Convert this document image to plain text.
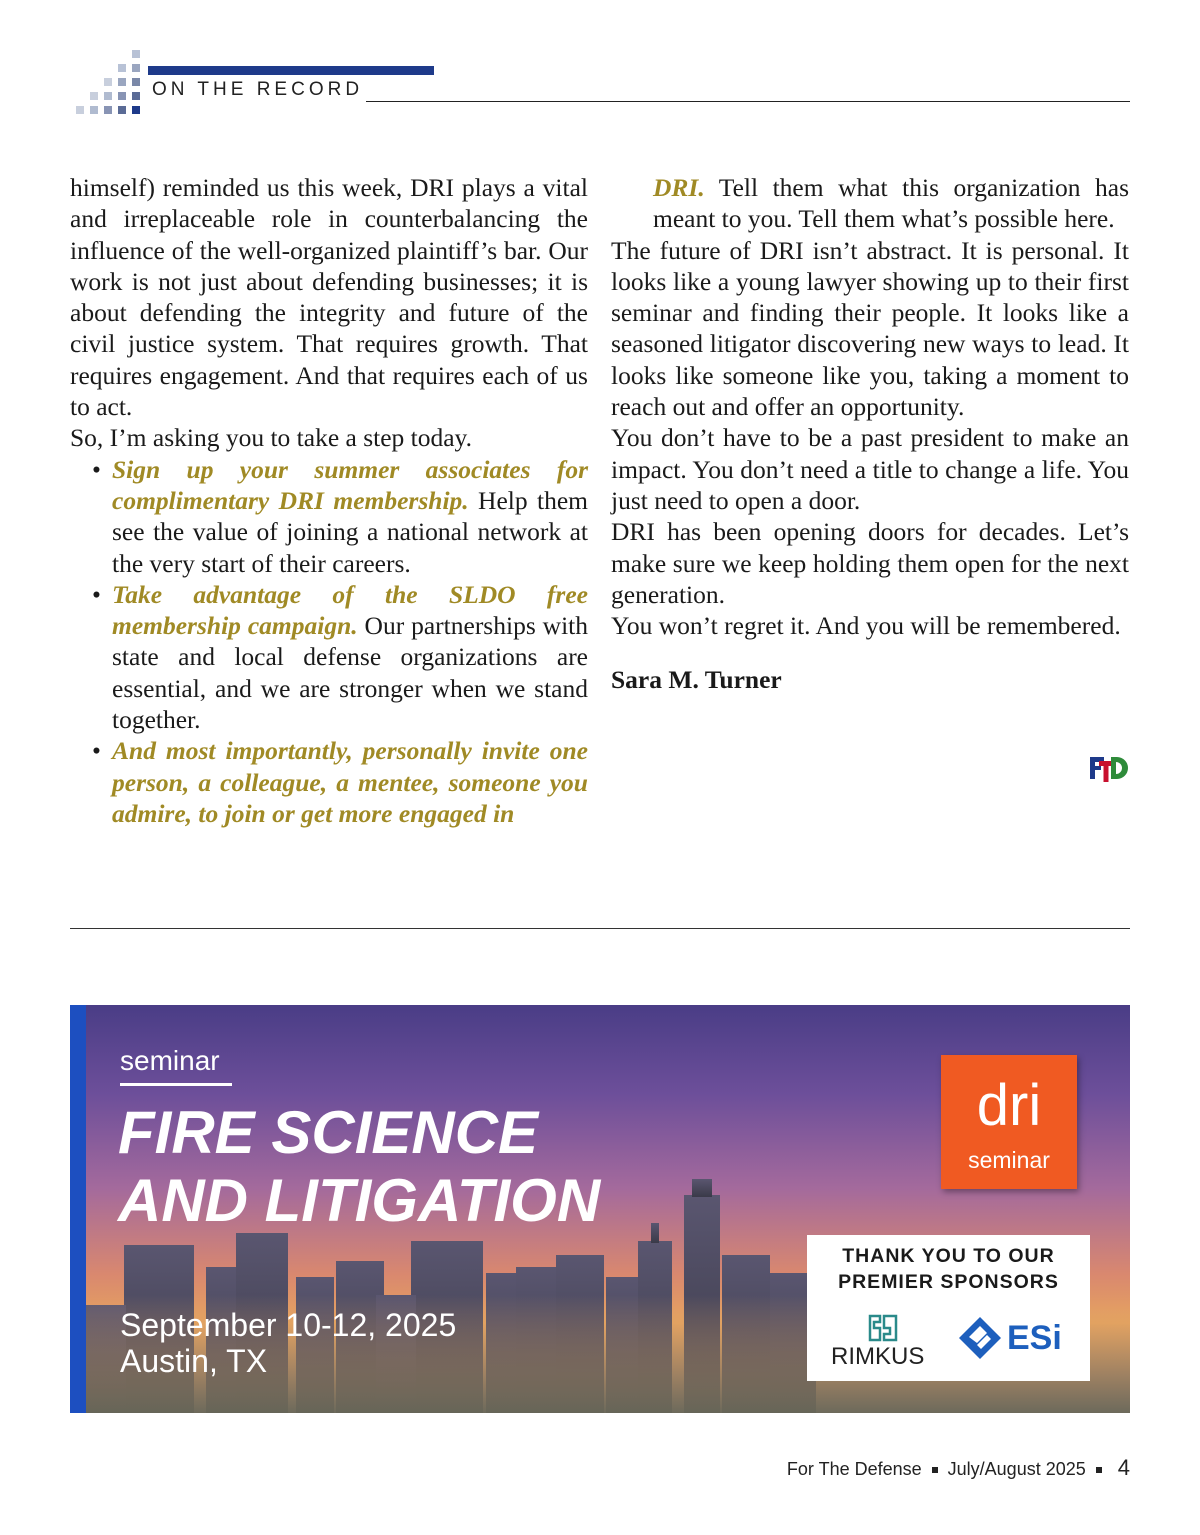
ON THE RECORD

himself) reminded us this week, DRI plays a vital and irreplaceable role in counterbalancing the influence of the well-organized plaintiff’s bar. Our work is not just about defending businesses; it is about defending the integrity and future of the civil justice system. That requires growth. That requires engagement. And that requires each of us to act.

So, I’m asking you to take a step today.

• Sign up your summer associates for complimentary DRI membership. Help them see the value of joining a national network at the very start of their careers.
• Take advantage of the SLDO free membership campaign. Our partnerships with state and local defense organizations are essential, and we are stronger when we stand together.
• And most importantly, personally invite one person, a colleague, a mentee, someone you admire, to join or get more engaged in

DRI. Tell them what this organization has meant to you. Tell them what’s possible here.

The future of DRI isn’t abstract. It is personal. It looks like a young lawyer showing up to their first seminar and finding their people. It looks like a seasoned litigator discovering new ways to lead. It looks like someone like you, taking a moment to reach out and offer an opportunity.

You don’t have to be a past president to make an impact. You don’t need a title to change a life. You just need to open a door.

DRI has been opening doors for decades. Let’s make sure we keep holding them open for the next generation.

You won’t regret it. And you will be remembered.

Sara M. Turner

seminar
FIRE SCIENCE
AND LITIGATION
September 10-12, 2025
Austin, TX
dri
seminar
THANK YOU TO OUR
PREMIER SPONSORS
RIMKUS ESi
For The Defense July/August 2025 4
